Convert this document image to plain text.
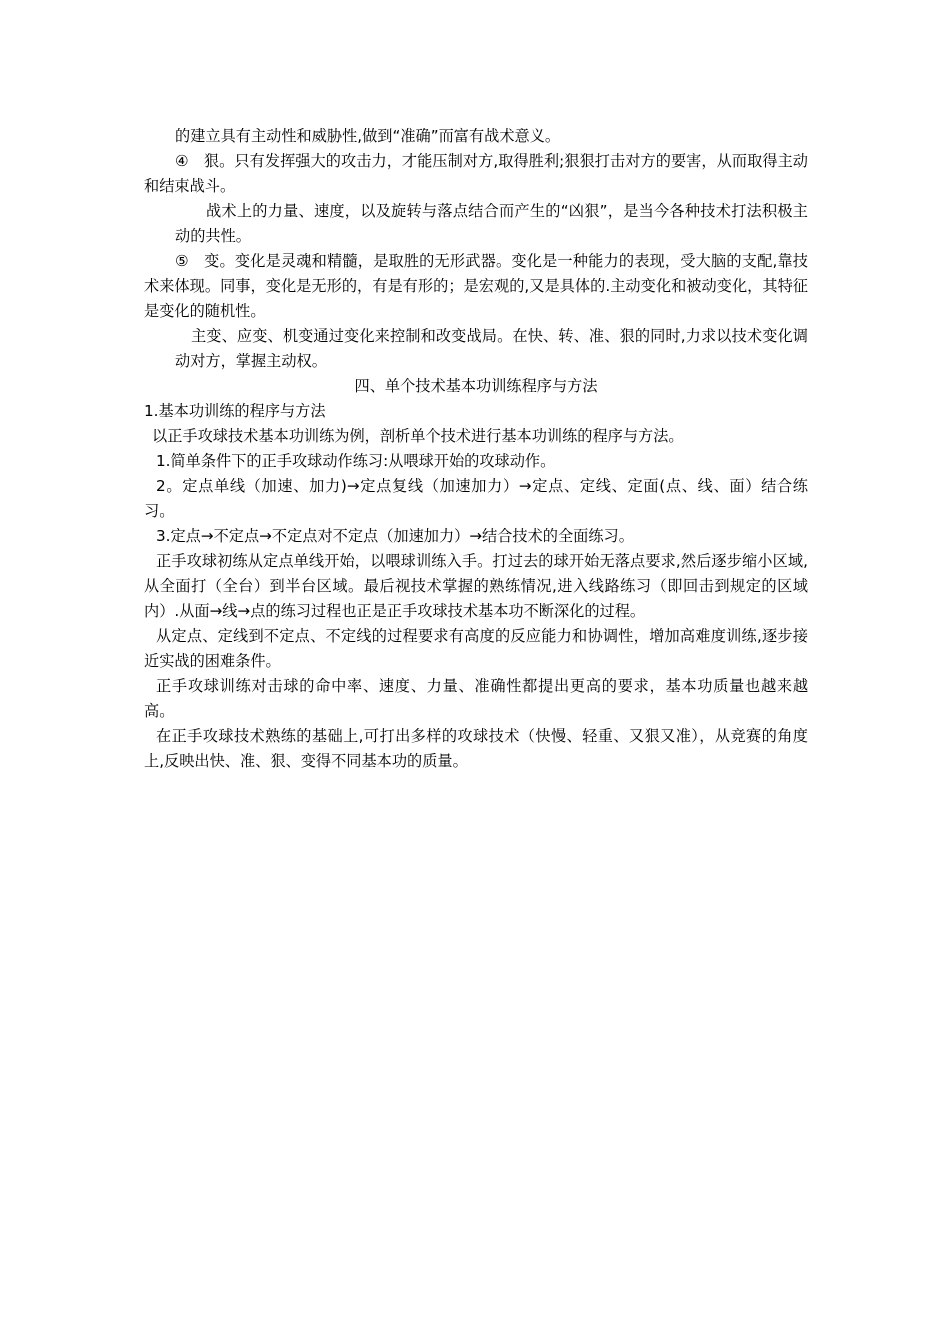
的建立具有主动性和威胁性,做到“准确”而富有战术意义。

④　狠。只有发挥强大的攻击力，才能压制对方,取得胜利;狠狠打击对方的要害，从而取得主动和结束战斗。

战术上的力量、速度，以及旋转与落点结合而产生的“凶狠”，是当今各种技术打法积极主动的共性。

⑤　变。变化是灵魂和精髓，是取胜的无形武器。变化是一种能力的表现，受大脑的支配,靠技术来体现。同事，变化是无形的，有是有形的；是宏观的,又是具体的.主动变化和被动变化，其特征是变化的随机性。

主变、应变、机变通过变化来控制和改变战局。在快、转、准、狠的同时,力求以技术变化调动对方，掌握主动权。

四、单个技术基本功训练程序与方法

1.基本功训练的程序与方法

以正手攻球技术基本功训练为例，剖析单个技术进行基本功训练的程序与方法。

1.简单条件下的正手攻球动作练习:从喂球开始的攻球动作。

2。定点单线（加速、加力)→定点复线（加速加力）→定点、定线、定面(点、线、面）结合练习。

3.定点→不定点→不定点对不定点（加速加力）→结合技术的全面练习。

正手攻球初练从定点单线开始，以喂球训练入手。打过去的球开始无落点要求,然后逐步缩小区域,从全面打（全台）到半台区域。最后视技术掌握的熟练情况,进入线路练习（即回击到规定的区域内）.从面→线→点的练习过程也正是正手攻球技术基本功不断深化的过程。

从定点、定线到不定点、不定线的过程要求有高度的反应能力和协调性，增加高难度训练,逐步接近实战的困难条件。

正手攻球训练对击球的命中率、速度、力量、准确性都提出更高的要求，基本功质量也越来越高。

在正手攻球技术熟练的基础上,可打出多样的攻球技术（快慢、轻重、又狠又准），从竞赛的角度上,反映出快、准、狠、变得不同基本功的质量。
